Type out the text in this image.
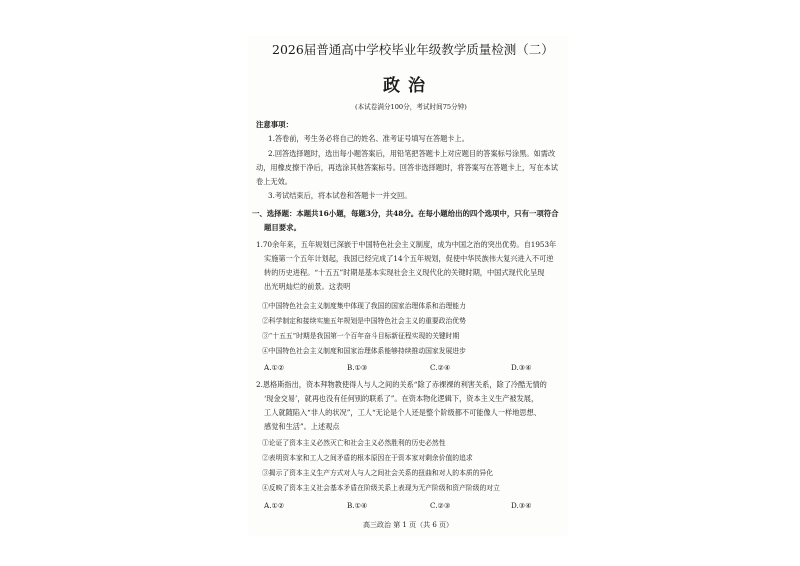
2026届普通高中学校毕业年级教学质量检测（二）
政治
(本试卷满分100分，考试时间75分钟)
注意事项：
1.答卷前，考生务必将自己的姓名、准考证号填写在答题卡上。
2.回答选择题时，选出每小题答案后，用铅笔把答题卡上对应题目的答案标号涂黑。如需改
动，用橡皮擦干净后，再选涂其他答案标号。回答非选择题时，将答案写在答题卡上，写在本试
卷上无效。
3.考试结束后，将本试卷和答题卡一并交回。
一、选择题：本题共16小题，每题3分，共48分。在每小题给出的四个选项中，只有一项符合
题目要求。
1.70余年来，五年规划已深嵌于中国特色社会主义制度，成为中国之治的突出优势。自1953年
实施第一个五年计划起，我国已经完成了14个五年规划，促使中华民族伟大复兴进入不可逆
转的历史进程。“十五五”时期是基本实现社会主义现代化的关键时期，中国式现代化呈现
出光明灿烂的前景。这表明
①中国特色社会主义制度集中体现了我国的国家治理体系和治理能力
②科学制定和接续实施五年规划是中国特色社会主义的重要政治优势
③“十五五”时期是我国第一个百年奋斗目标新征程实现的关键时期
④中国特色社会主义制度和国家治理体系能够持续推动国家发展进步
A.①②	B.①③	C.②④	D.③④
2.恩格斯指出，资本拜物教使得人与人之间的关系“除了赤裸裸的利害关系，除了冷酷无情的
‘现金交易’，就再也没有任何别的联系了”。在资本物化逻辑下，资本主义生产被发展，
工人就随陷入“非人的状况”，工人“无论是个人还是整个阶级都不可能像人一样地思想、
感觉和生活”。上述观点
①论证了资本主义必然灭亡和社会主义必然胜利的历史必然性
②表明资本家和工人之间矛盾的根本原因在于资本家对剩余价值的追求
③揭示了资本主义生产方式对人与人之间社会关系的扭曲和对人的本质的异化
④反映了资本主义社会基本矛盾在阶级关系上表现为无产阶级和资产阶级的对立
A.①②	B.①④	C.②③	D.③④
高三政治 第 1 页（共 6 页）
